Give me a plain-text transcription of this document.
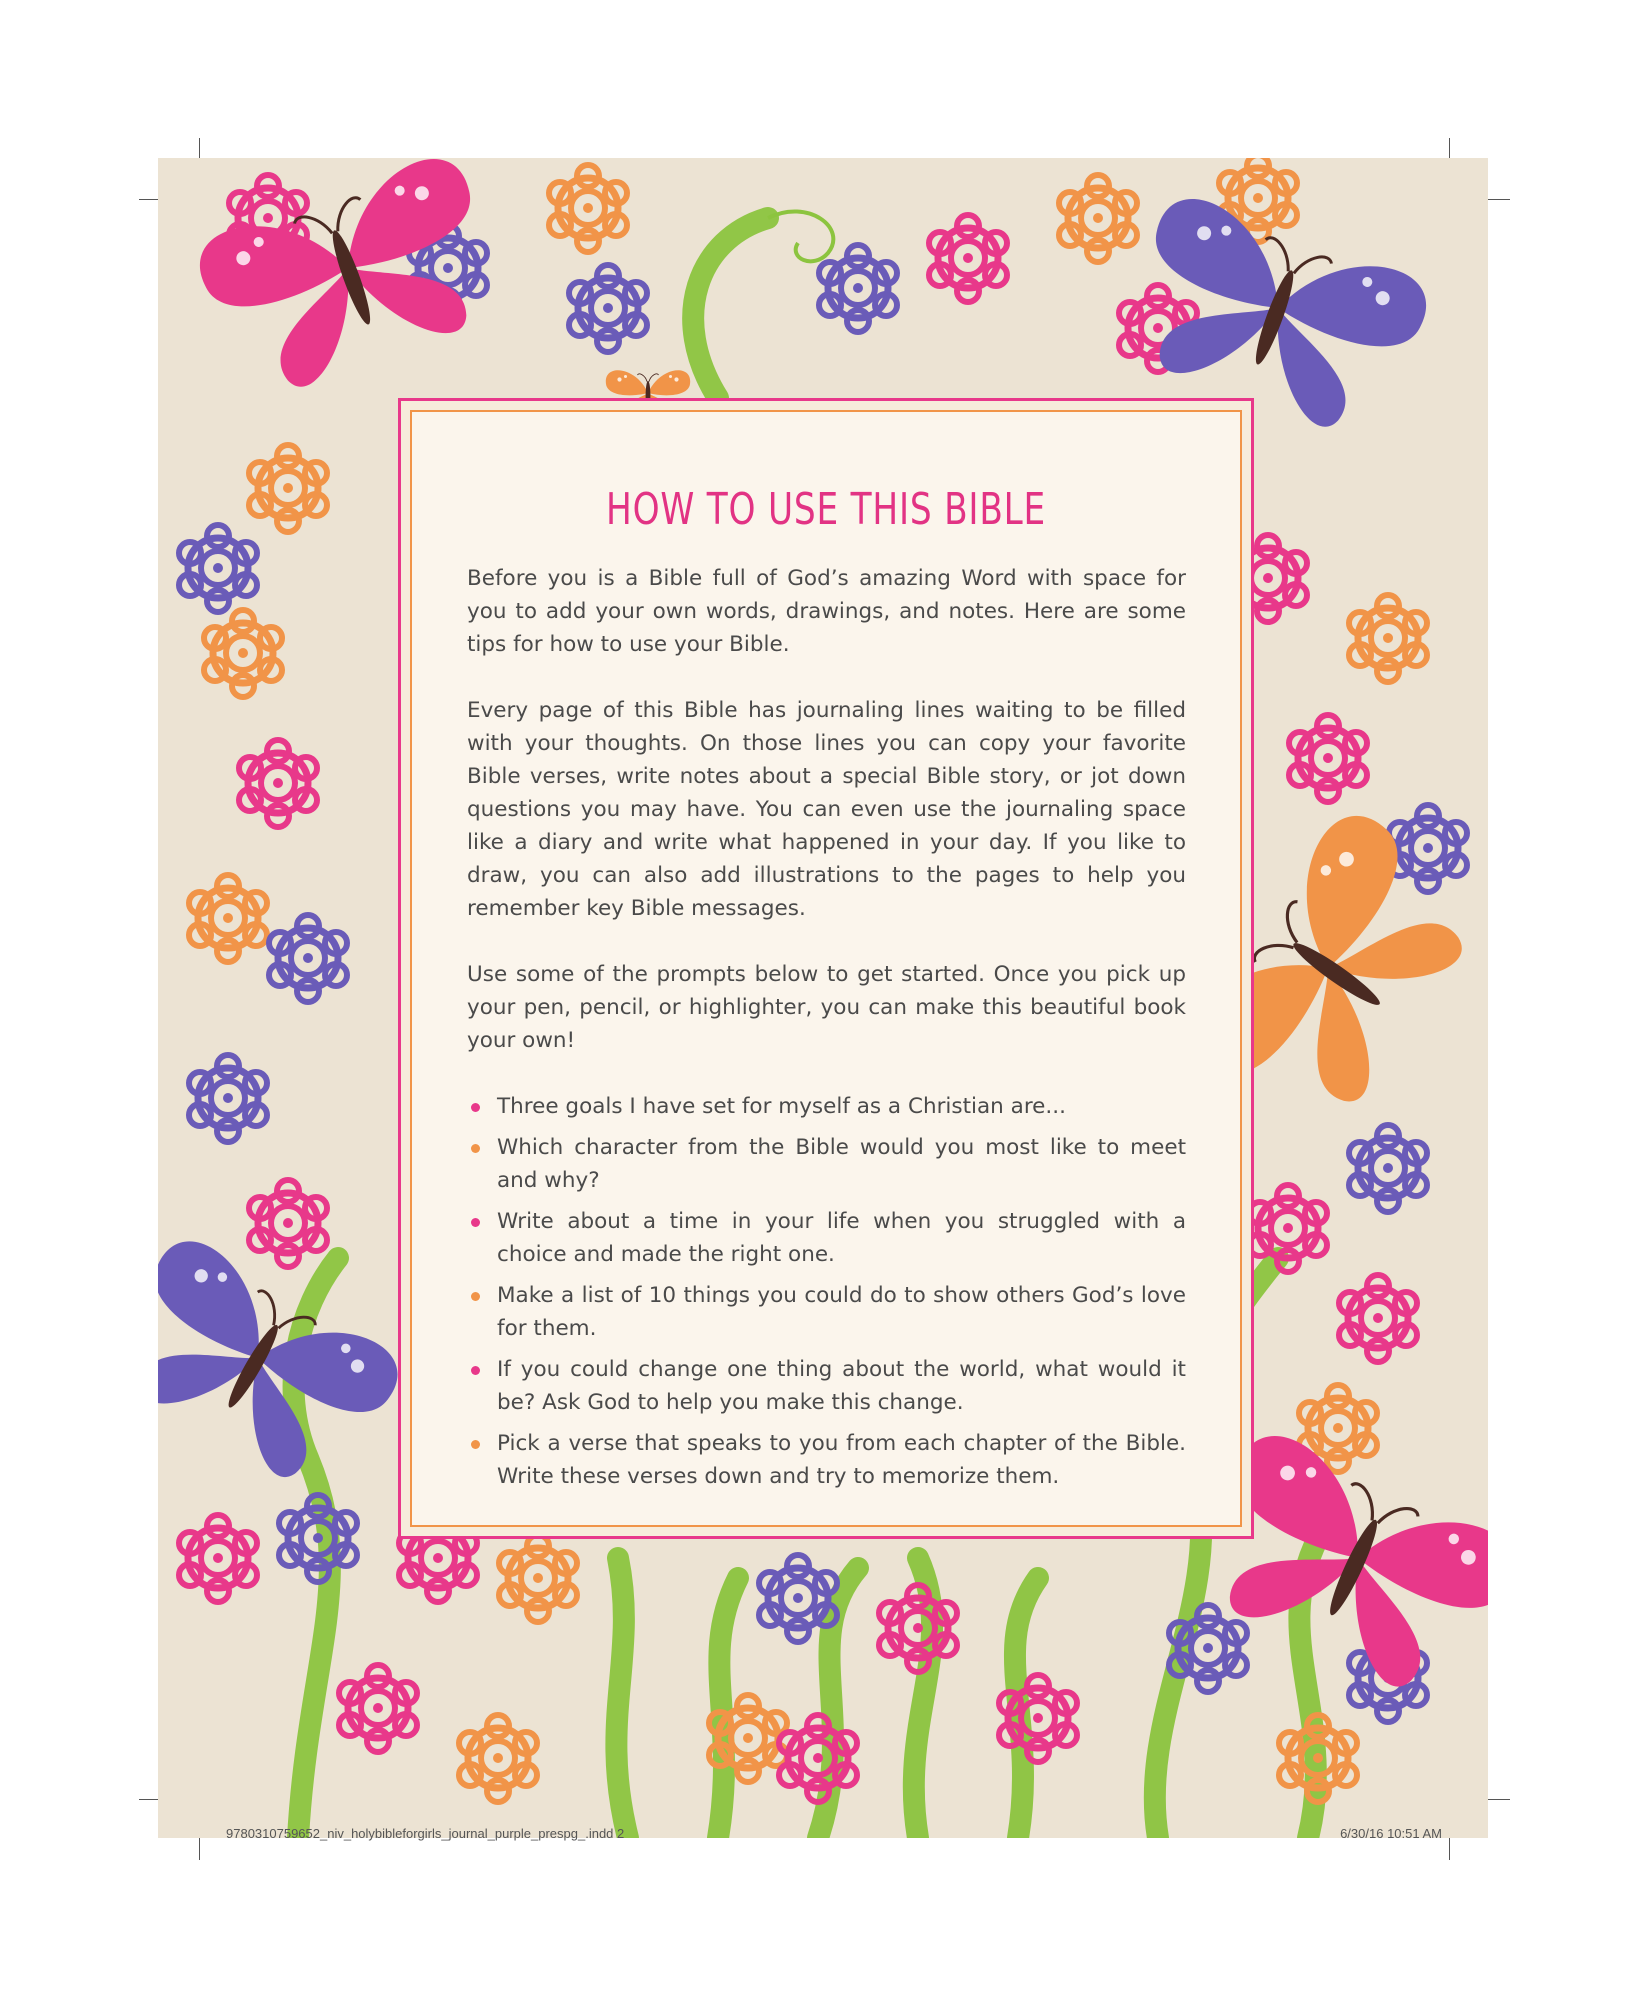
HOW TO USE THIS BIBLE

Before you is a Bible full of God’s amazing Word with space for you to add your own words, drawings, and notes. Here are some tips for how to use your Bible.

Every page of this Bible has journaling lines waiting to be filled with your thoughts. On those lines you can copy your favorite Bible verses, write notes about a special Bible story, or jot down questions you may have. You can even use the journaling space like a diary and write what happened in your day. If you like to draw, you can also add illustrations to the pages to help you remember key Bible messages.

Use some of the prompts below to get started. Once you pick up your pen, pencil, or highlighter, you can make this beautiful book your own!

Three goals I have set for myself as a Christian are...
Which character from the Bible would you most like to meet and why?
Write about a time in your life when you struggled with a choice and made the right one.
Make a list of 10 things you could do to show others God’s love for them.
If you could change one thing about the world, what would it be? Ask God to help you make this change.
Pick a verse that speaks to you from each chapter of the Bible. Write these verses down and try to memorize them.
9780310759652_niv_holybibleforgirls_journal_purple_prespg_.indd 2	6/30/16 10:51 AM
